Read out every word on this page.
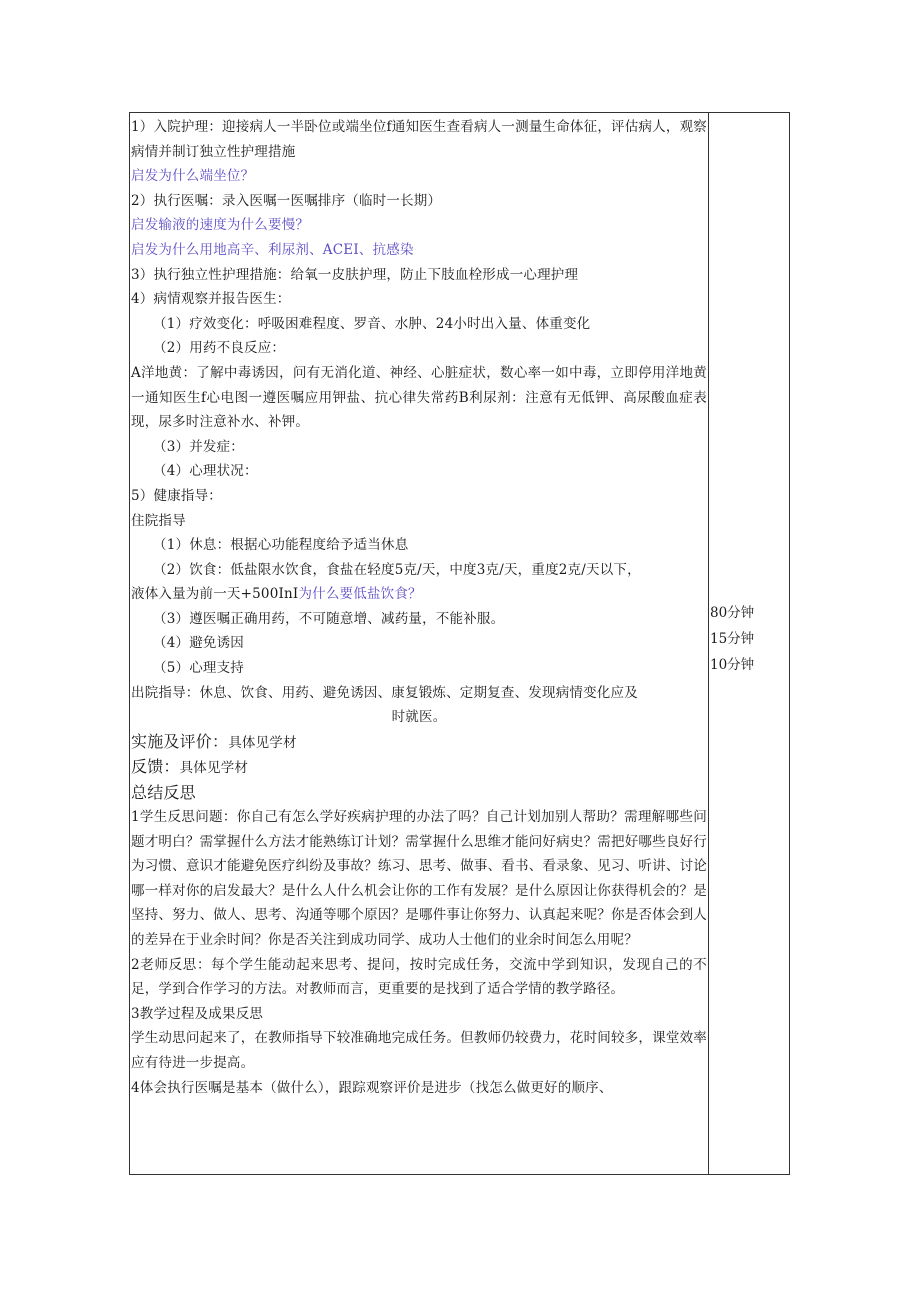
1）入院护理：迎接病人一半卧位或端坐位f通知医生查看病人一测量生命体征，评估病人，观察病情并制订独立性护理措施
启发为什么端坐位？
2）执行医嘱：录入医嘱一医嘱排序（临时一长期）
启发输液的速度为什么要慢？
启发为什么用地高辛、利尿剂、ACEI、抗感染
3）执行独立性护理措施：给氧一皮肤护理，防止下肢血栓形成一心理护理
4）病情观察并报告医生：
（1）疗效变化：呼吸困难程度、罗音、水肿、24小时出入量、体重变化
（2）用药不良反应：
A洋地黄：了解中毒诱因，问有无消化道、神经、心脏症状，数心率一如中毒，立即停用洋地黄一通知医生f心电图一遵医嘱应用钾盐、抗心律失常药B利尿剂：注意有无低钾、高尿酸血症表现，尿多时注意补水、补钾。
（3）并发症：
（4）心理状况：
5）健康指导：
住院指导
（1）休息：根据心功能程度给予适当休息
（2）饮食：低盐限水饮食，食盐在轻度5克/天，中度3克/天，重度2克/天以下，
液体入量为前一天+500InI为什么要低盐饮食？
（3）遵医嘱正确用药，不可随意增、减药量，不能补服。
（4）避免诱因
（5）心理支持
出院指导：休息、饮食、用药、避免诱因、康复锻炼、定期复查、发现病情变化应及
时就医。
实施及评价：具体见学材
反馈：具体见学材
总结反思
1学生反思问题：你自己有怎么学好疾病护理的办法了吗？自己计划加别人帮助？需理解哪些问题才明白？需掌握什么方法才能熟练订计划？需掌握什么思维才能问好病史？需把好哪些良好行为习惯、意识才能避免医疗纠纷及事故？练习、思考、做事、看书、看录象、见习、听讲、讨论哪一样对你的启发最大？是什么人什么机会让你的工作有发展？是什么原因让你获得机会的？是坚持、努力、做人、思考、沟通等哪个原因？是哪件事让你努力、认真起来呢？你是否体会到人的差异在于业余时间？你是否关注到成功同学、成功人士他们的业余时间怎么用呢？
2老师反思：每个学生能动起来思考、提问，按时完成任务，交流中学到知识，发现自己的不足，学到合作学习的方法。对教师而言，更重要的是找到了适合学情的教学路径。
3教学过程及成果反思
学生动思问起来了，在教师指导下较准确地完成任务。但教师仍较费力，花时间较多，课堂效率应有待进一步提高。
4体会执行医嘱是基本（做什么），跟踪观察评价是进步（找怎么做更好的顺序、
80分钟
15分钟
10分钟
